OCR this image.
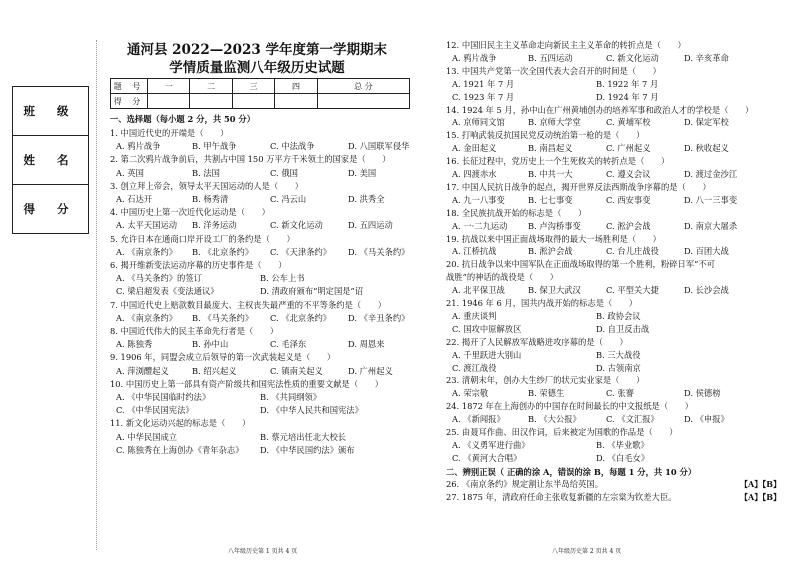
班 级
姓 名
得 分
通河县 2022—2023 学年度第一学期期末
学情质量监测八年级历史试题
题 号	一	二	三	四	总 分
得 分					
八年级历史第 1 页共 4 页	八年级历史第 2 页共 4 页
一、选择题（每小题 2 分，共 50 分）
1. 中国近代史的开端是（　　）
A. 鸦片战争	B. 甲午战争	C. 中法战争	D. 八国联军侵华
2. 第二次鸦片战争前后，共割占中国 150 万平方千米领土的国家是（　　）
A. 英国	B. 法国	C. 俄国	D. 美国
3. 创立拜上帝会，领导太平天国运动的人是（　　）
A. 石达开	B. 杨秀清	C. 冯云山	D. 洪秀全
4. 中国历史上第一次近代化运动是（　　）
A. 太平天国运动 B. 洋务运动	C. 新文化运动	D. 五四运动
5. 允许日本在通商口岸开设工厂的条约是（　　）
A. 《南京条约》 B. 《北京条约》 C. 《天津条约》 D. 《马关条约》
6. 揭开维新变法运动序幕的历史事件是（　　）
A. 《马关条约》的签订	B. 公车上书
C. 梁启超发表《变法通议》	D. 清政府颁布“明定国是”诏
7. 中国近代史上赔款数目最庞大、主权丧失最严重的不平等条约是（　　）
A. 《南京条约》 B. 《马关条约》 C. 《北京条约》 D. 《辛丑条约》
8. 中国近代伟大的民主革命先行者是（　　）
A. 陈独秀	B. 孙中山	C. 毛泽东	D. 周恩来
9. 1906 年，同盟会成立后领导的第一次武装起义是（　　）
A. 萍浏醴起义	B. 绍兴起义	C. 镇南关起义	D. 广州起义
10. 中国历史上第一部具有资产阶级共和国宪法性质的重要文献是（　　）
A. 《中华民国临时约法》	B. 《共同纲领》
C. 《中华民国宪法》	D. 《中华人民共和国宪法》
11. 新文化运动兴起的标志是（　　）
A. 中华民国成立	B. 蔡元培出任北大校长
C. 陈独秀在上海创办《青年杂志》 D. 《中华民国约法》颁布
12. 中国旧民主主义革命走向新民主主义革命的转折点是（　　）
A. 鸦片战争	B. 五四运动	C. 新文化运动	D. 辛亥革命
13. 中国共产党第一次全国代表大会召开的时间是（　　）
A. 1921 年 7 月	B. 1922 年 7 月
C. 1923 年 7 月	D. 1924 年 7 月
14. 1924 年 5 月，孙中山在广州黄埔创办的培养军事和政治人才的学校是（　　）
A. 京师同文馆	B. 京师大学堂	C. 黄埔军校	D. 保定军校
15. 打响武装反抗国民党反动统治第一枪的是（　　）
A. 金田起义	B. 南昌起义	C. 广州起义	D. 秋收起义
16. 长征过程中，党历史上一个生死攸关的转折点是（　　）
A. 四渡赤水	B. 中共一大	C. 遵义会议	D. 渡过金沙江
17. 中国人民抗日战争的起点，揭开世界反法西斯战争序幕的是（　　）
A. 九一八事变	B. 七七事变	C. 西安事变	D. 八一三事变
18. 全民族抗战开始的标志是（　　）
A. 一·二九运动 B. 卢沟桥事变	C. 淞沪会战	D. 南京大屠杀
19. 抗战以来中国正面战场取得的最大一场胜利是（　　）
A. 江桥抗战	B. 淞沪会战	C. 台儿庄战役	D. 百团大战
20. 抗日战争以来中国军队在正面战场取得的第一个胜利，粉碎日军“不可
战胜”的神话的战役是（　　）
A. 北平保卫战	B. 保卫大武汉	C. 平型关大捷	D. 长沙会战
21. 1946 年 6 月，国共内战开始的标志是（　　）
A. 重庆谈判	B. 政协会议
C. 国攻中原解放区	D. 自卫反击战
22. 揭开了人民解放军战略进攻序幕的是（　　）
A. 千里跃进大别山	B. 三大战役
C. 渡江战役	D. 古领南京
23. 清朝末年，创办大生纱厂的状元实业家是（　　）
A. 荣宗敬	B. 荣德生	C. 张謇	D. 侯德榜
24. 1872 年在上海创办的中国存在时间最长的中文报纸是（　　）
A. 《新闻报》	B. 《大公报》	C. 《文汇报》	D. 《申报》
25. 由聂耳作曲、田汉作词，后来被定为国歌的作品是（　　）
A. 《义勇军进行曲》	B. 《毕业歌》
C. 《黄河大合唱》	D. 《白毛女》
二、辨别正误（ 正确的涂 A，错误的涂 B，每题 1 分，共 10 分）
26. 《南京条约》规定割让东半岛给英国。	【A】【B】
27. 1875 年，清政府任命主张收复新疆的左宗棠为钦差大臣。	【A】【B】
